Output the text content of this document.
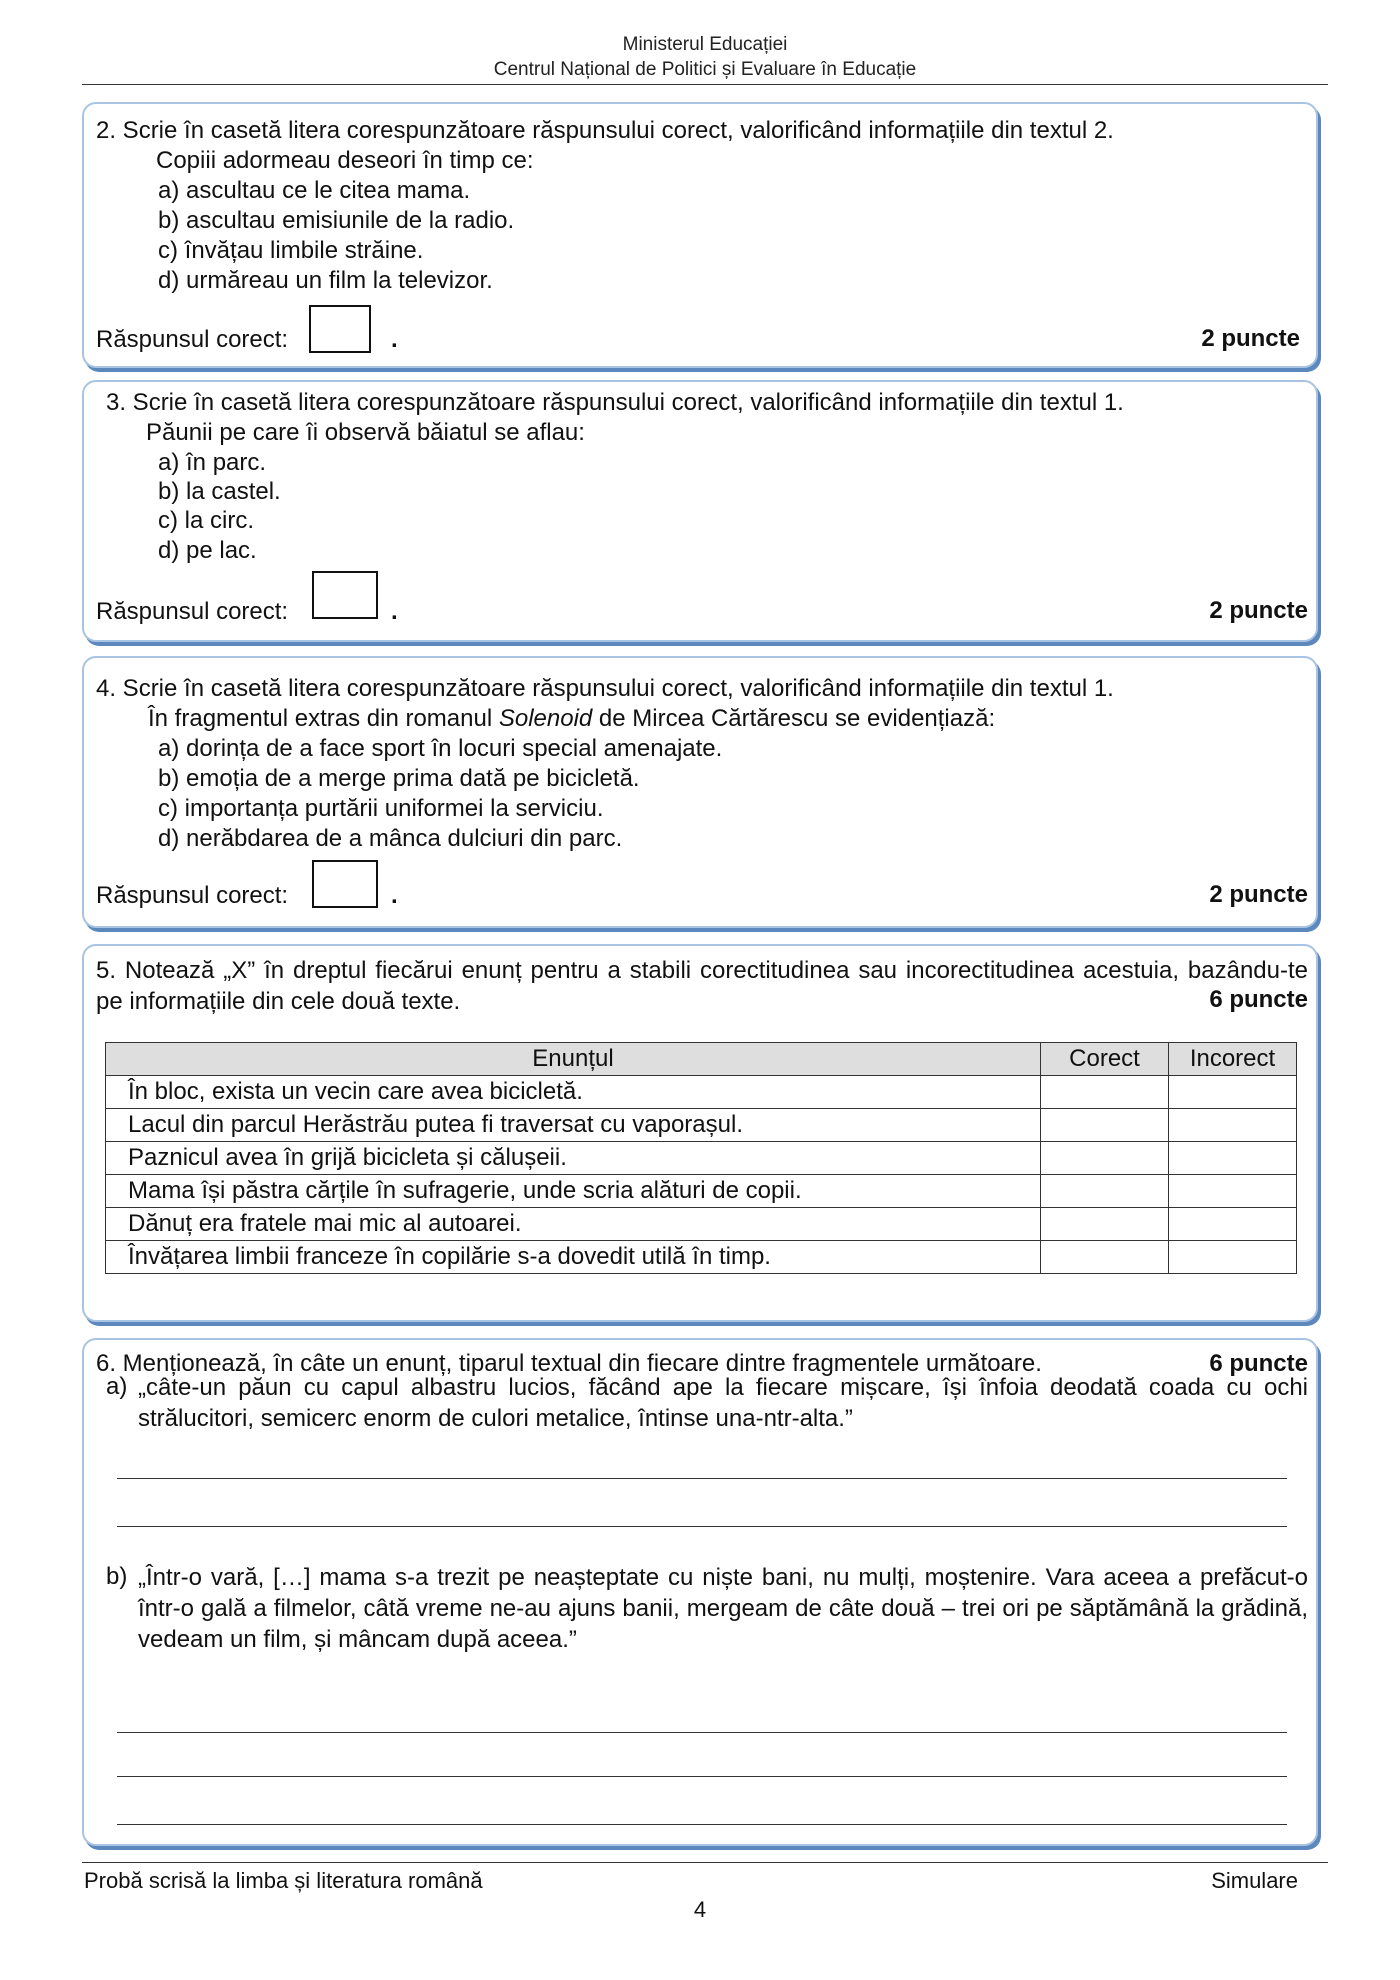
Ministerul Educației
Centrul Național de Politici și Evaluare în Educație
2. Scrie în casetă litera corespunzătoare răspunsului corect, valorificând informațiile din textul 2.
Copiii adormeau deseori în timp ce:
a) ascultau ce le citea mama.
b) ascultau emisiunile de la radio.
c) învățau limbile străine.
d) urmăreau un film la televizor.
Răspunsul corect:	.	2 puncte
3. Scrie în casetă litera corespunzătoare răspunsului corect, valorificând informațiile din textul 1.
Păunii pe care îi observă băiatul se aflau:
a) în parc.
b) la castel.
c) la circ.
d) pe lac.
Răspunsul corect:	.	2 puncte
4. Scrie în casetă litera corespunzătoare răspunsului corect, valorificând informațiile din textul 1.
În fragmentul extras din romanul Solenoid de Mircea Cărtărescu se evidențiază:
a) dorința de a face sport în locuri special amenajate.
b) emoția de a merge prima dată pe bicicletă.
c) importanța purtării uniformei la serviciu.
d) nerăbdarea de a mânca dulciuri din parc.
Răspunsul corect:	.	2 puncte
5. Notează „X” în dreptul fiecărui enunț pentru a stabili corectitudinea sau incorectitudinea acestuia, bazându-te pe informațiile din cele două texte.	6 puncte
Enunțul	Corect	Incorect
În bloc, exista un vecin care avea bicicletă.		
Lacul din parcul Herăstrău putea fi traversat cu vaporașul.		
Paznicul avea în grijă bicicleta și călușeii.		
Mama își păstra cărțile în sufragerie, unde scria alături de copii.		
Dănuț era fratele mai mic al autoarei.		
Învățarea limbii franceze în copilărie s-a dovedit utilă în timp.		
6. Menționează, în câte un enunț, tiparul textual din fiecare dintre fragmentele următoare.	6 puncte
a) „câte-un păun cu capul albastru lucios, făcând ape la fiecare mișcare, își înfoia deodată coada cu ochi strălucitori, semicerc enorm de culori metalice, întinse una-ntr-alta.”
b) „Într-o vară, […] mama s-a trezit pe neașteptate cu niște bani, nu mulți, moștenire. Vara aceea a prefăcut-o într-o gală a filmelor, câtă vreme ne-au ajuns banii, mergeam de câte două – trei ori pe săptămână la grădină, vedeam un film, și mâncam după aceea.”
Probă scrisă la limba și literatura română	Simulare
4
